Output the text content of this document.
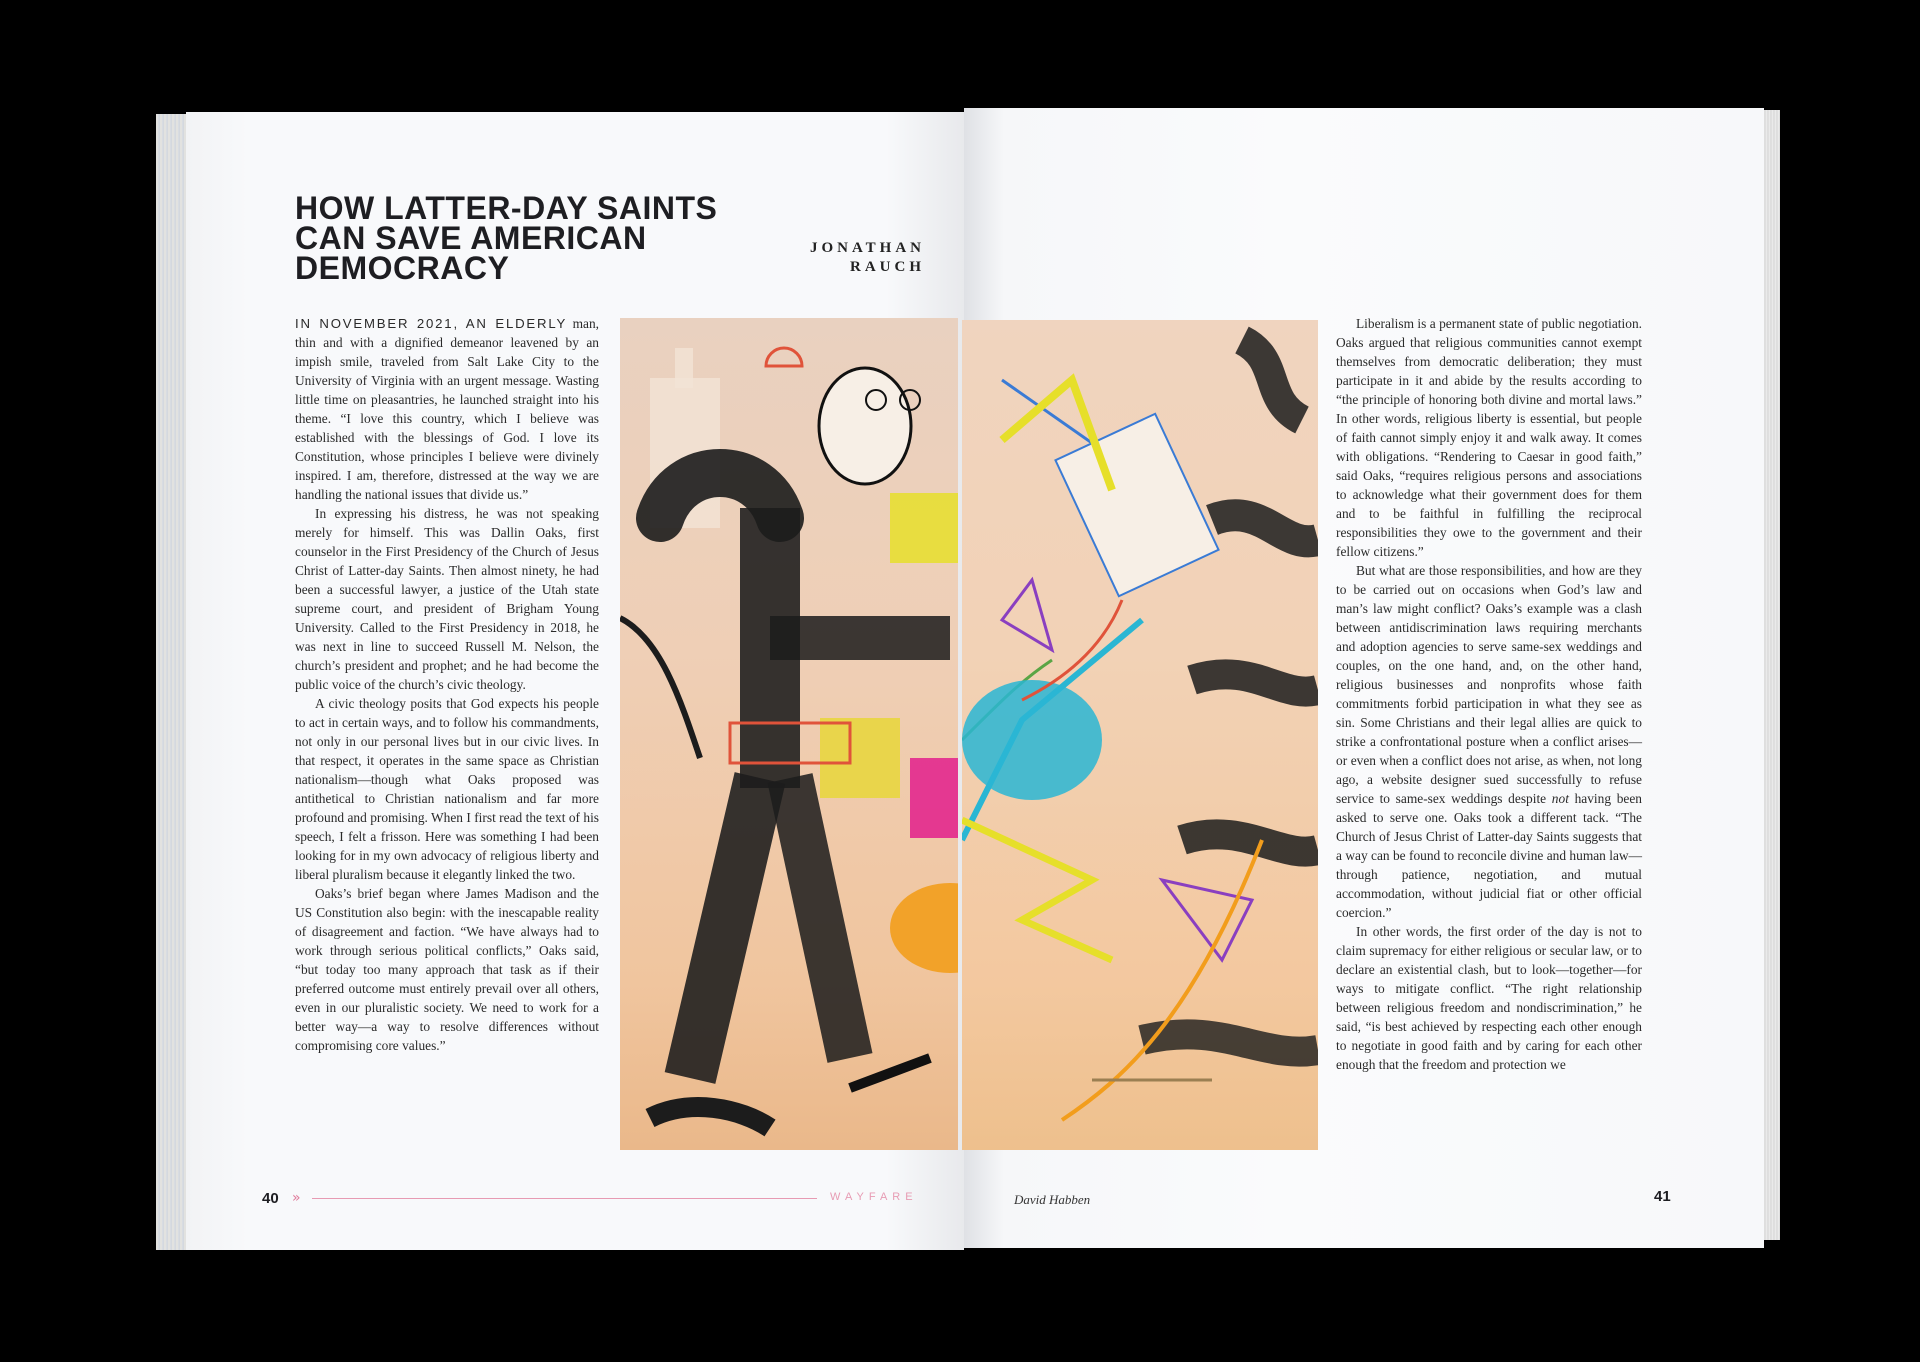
HOW LATTER-DAY SAINTS CAN SAVE AMERICAN DEMOCRACY
JONATHAN
RAUCH

IN NOVEMBER 2021, AN ELDERLY man, thin and with a dignified demeanor leavened by an impish smile, traveled from Salt Lake City to the University of Virginia with an urgent message. Wasting little time on pleasantries, he launched straight into his theme. “I love this country, which I believe was established with the blessings of God. I love its Constitution, whose principles I believe were divinely inspired. I am, therefore, distressed at the way we are handling the national issues that divide us.”

In expressing his distress, he was not speaking merely for himself. This was Dallin Oaks, first counselor in the First Presidency of the Church of Jesus Christ of Latter-day Saints. Then almost ninety, he had been a successful lawyer, a justice of the Utah state supreme court, and president of Brigham Young University. Called to the First Presidency in 2018, he was next in line to succeed Russell M. Nelson, the church’s president and prophet; and he had become the public voice of the church’s civic theology.

A civic theology posits that God expects his people to act in certain ways, and to follow his commandments, not only in our personal lives but in our civic lives. In that respect, it operates in the same space as Christian nationalism—though what Oaks proposed was antithetical to Christian nationalism and far more profound and promising. When I first read the text of his speech, I felt a frisson. Here was something I had been looking for in my own advocacy of religious liberty and liberal pluralism because it elegantly linked the two.

Oaks’s brief began where James Madison and the US Constitution also begin: with the inescapable reality of disagreement and faction. “We have always had to work through serious political conflicts,” Oaks said, “but today too many approach that task as if their preferred outcome must entirely prevail over all others, even in our pluralistic society. We need to work for a better way—a way to resolve differences without compromising core values.”

Liberalism is a permanent state of public negotiation. Oaks argued that religious communities cannot exempt themselves from democratic deliberation; they must participate in it and abide by the results according to “the principle of honoring both divine and mortal laws.” In other words, religious liberty is essential, but people of faith cannot simply enjoy it and walk away. It comes with obligations. “Rendering to Caesar in good faith,” said Oaks, “requires religious persons and associations to acknowledge what their government does for them and to be faithful in fulfilling the reciprocal responsibilities they owe to the government and their fellow citizens.”

But what are those responsibilities, and how are they to be carried out on occasions when God’s law and man’s law might conflict? Oaks’s example was a clash between antidiscrimination laws requiring merchants and adoption agencies to serve same-sex weddings and couples, on the one hand, and, on the other hand, religious businesses and nonprofits whose faith commitments forbid participation in what they see as sin. Some Christians and their legal allies are quick to strike a confrontational posture when a conflict arises—or even when a conflict does not arise, as when, not long ago, a website designer sued successfully to refuse service to same-sex weddings despite not having been asked to serve one. Oaks took a different tack. “The Church of Jesus Christ of Latter-day Saints suggests that a way can be found to reconcile divine and human law—through patience, negotiation, and mutual accommodation, without judicial fiat or other official coercion.”

In other words, the first order of the day is not to claim supremacy for either religious or secular law, or to declare an existential clash, but to look—together—for ways to mitigate conflict. “The right relationship between religious freedom and nondiscrimination,” he said, “is best achieved by respecting each other enough to negotiate in good faith and by caring for each other enough that the freedom and protection we

40 »	WAYFARE	David Habben	41
